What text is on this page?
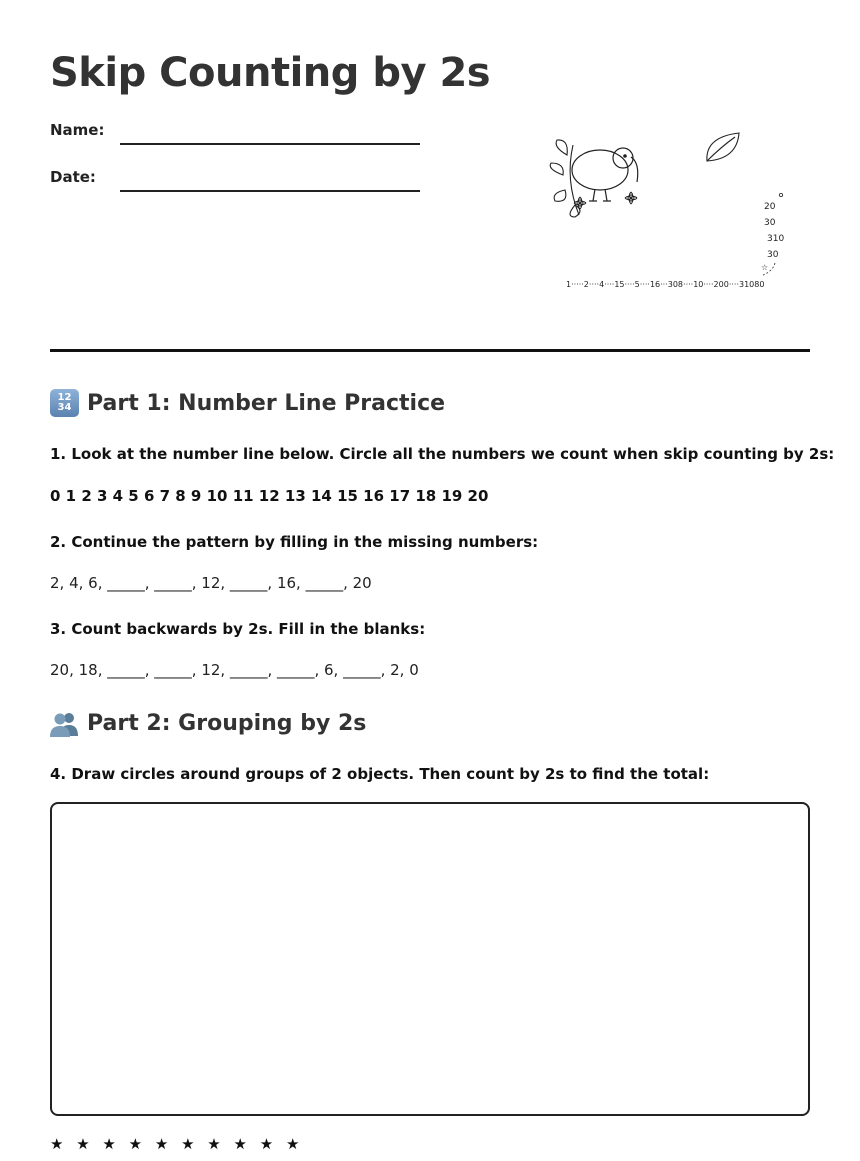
Skip Counting by 2s
Name:
Date:
20
30
310
30
☆
1·····2····4····15····5····16···308····10····200····31080
12
34 Part 1: Number Line Practice
1. Look at the number line below. Circle all the numbers we count when skip counting by 2s:
0 1 2 3 4 5 6 7 8 9 10 11 12 13 14 15 16 17 18 19 20
2. Continue the pattern by filling in the missing numbers:
2, 4, 6, _____, _____, 12, _____, 16, _____, 20
3. Count backwards by 2s. Fill in the blanks:
20, 18, _____, _____, 12, _____, _____, 6, _____, 2, 0
Part 2: Grouping by 2s
4. Draw circles around groups of 2 objects. Then count by 2s to find the total:
★ ★ ★ ★ ★ ★ ★ ★ ★ ★
